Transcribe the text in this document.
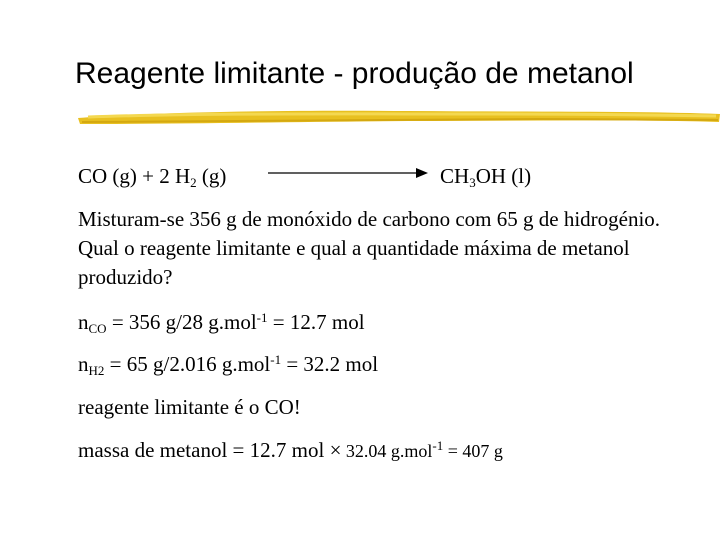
Reagente limitante - produção de metanol
CO (g) + 2 $H_2$ (g)	$CH_3OH$ (l)
Misturam-se 356 g de monóxido de carbono com 65 g de hidrogénio. Qual o reagente limitante e qual a quantidade máxima de metanol produzido?
$n_{CO} = 356$ g/28 g.mol$^{-1}$ = 12.7 mol
$n_{H2} = 65$ g/2.016 g.mol$^{-1}$ = 32.2 mol
reagente limitante é o CO!
massa de metanol = 12.7 mol × 32.04 g.mol$^{-1}$ = 407 g
